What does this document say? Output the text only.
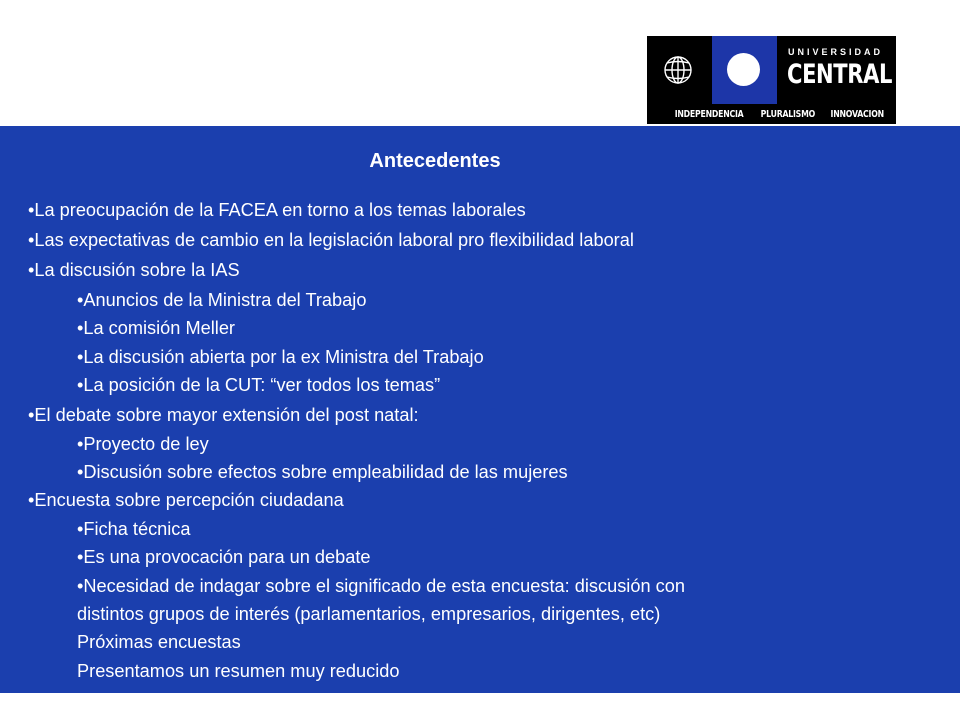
UNIVERSIDAD
CENTRAL
INDEPENDENCIA PLURALISMO INNOVACION
Antecedentes
•La preocupación de la FACEA en torno a los temas laborales
•Las expectativas de cambio en la legislación laboral pro flexibilidad laboral
•La discusión sobre la IAS
•Anuncios de la Ministra del Trabajo
•La comisión Meller
•La discusión abierta por la ex Ministra del Trabajo
•La posición de la CUT: “ver todos los temas”
•El debate sobre mayor extensión del post natal:
•Proyecto de ley
•Discusión sobre efectos sobre empleabilidad de las mujeres
•Encuesta sobre percepción ciudadana
•Ficha técnica
•Es una provocación para un debate
•Necesidad de indagar sobre el significado de esta encuesta: discusión con
distintos grupos de interés (parlamentarios, empresarios, dirigentes, etc)
Próximas encuestas
Presentamos un resumen muy reducido
